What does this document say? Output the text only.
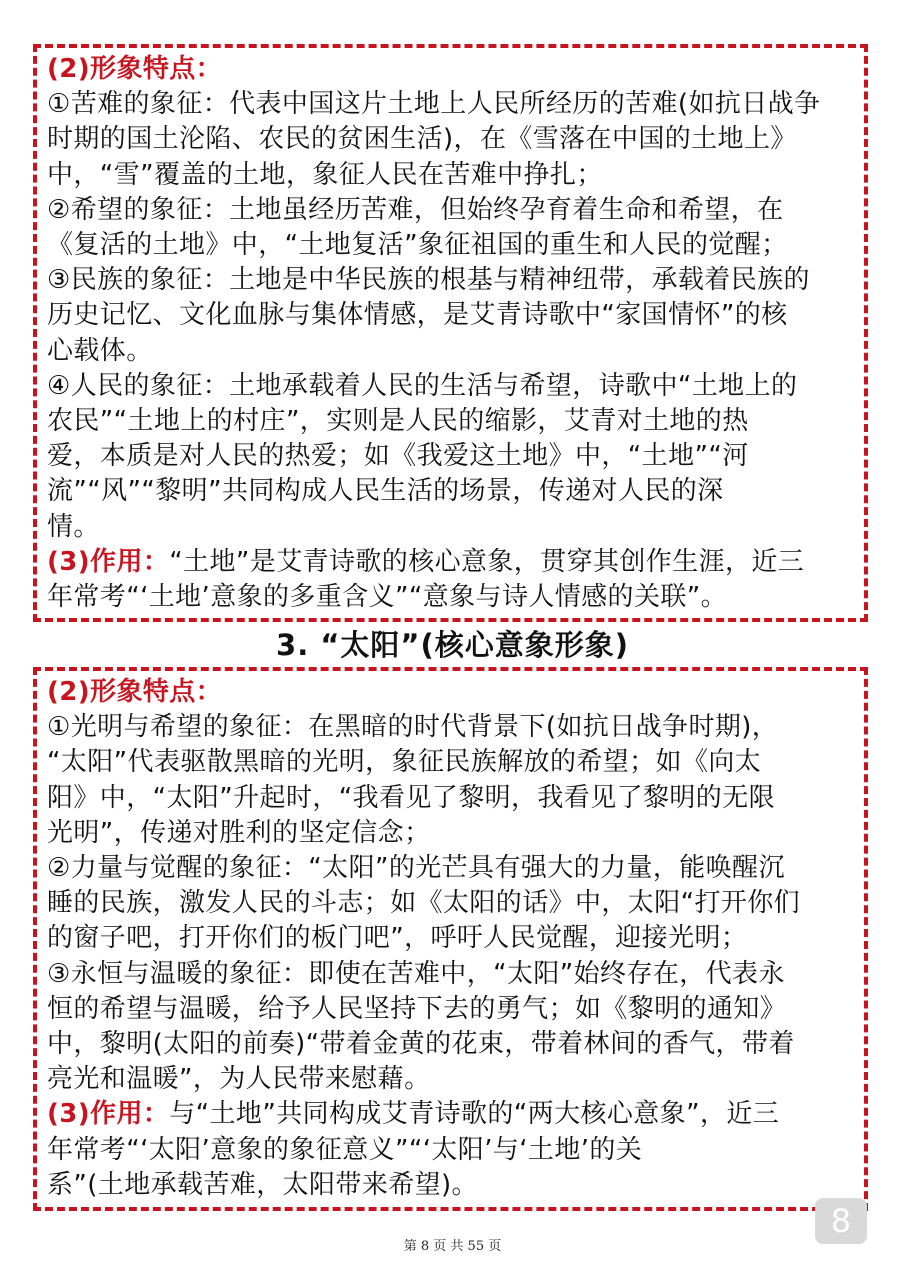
(2)形象特点：
①苦难的象征：代表中国这片土地上人民所经历的苦难(如抗日战争
时期的国土沦陷、农民的贫困生活)，在《雪落在中国的土地上》
中，“雪”覆盖的土地，象征人民在苦难中挣扎；
②希望的象征：土地虽经历苦难，但始终孕育着生命和希望，在
《复活的土地》中，“土地复活”象征祖国的重生和人民的觉醒；
③民族的象征：土地是中华民族的根基与精神纽带，承载着民族的
历史记忆、文化血脉与集体情感，是艾青诗歌中“家国情怀”的核
心载体。
④人民的象征：土地承载着人民的生活与希望，诗歌中“土地上的
农民”“土地上的村庄”，实则是人民的缩影，艾青对土地的热
爱，本质是对人民的热爱；如《我爱这土地》中，“土地”“河
流”“风”“黎明”共同构成人民生活的场景，传递对人民的深
情。
(3)作用：“土地”是艾青诗歌的核心意象，贯穿其创作生涯，近三
年常考“‘土地’意象的多重含义”“意象与诗人情感的关联”。
3. “太阳”(核心意象形象)
(2)形象特点：
①光明与希望的象征：在黑暗的时代背景下(如抗日战争时期)，
“太阳”代表驱散黑暗的光明，象征民族解放的希望；如《向太
阳》中，“太阳”升起时，“我看见了黎明，我看见了黎明的无限
光明”，传递对胜利的坚定信念；
②力量与觉醒的象征：“太阳”的光芒具有强大的力量，能唤醒沉
睡的民族，激发人民的斗志；如《太阳的话》中，太阳“打开你们
的窗子吧，打开你们的板门吧”，呼吁人民觉醒，迎接光明；
③永恒与温暖的象征：即使在苦难中，“太阳”始终存在，代表永
恒的希望与温暖，给予人民坚持下去的勇气；如《黎明的通知》
中，黎明(太阳的前奏)“带着金黄的花束，带着林间的香气，带着
亮光和温暖”，为人民带来慰藉。
(3)作用：与“土地”共同构成艾青诗歌的“两大核心意象”，近三
年常考“‘太阳’意象的象征意义”“‘太阳’与‘土地’的关
系”(土地承载苦难，太阳带来希望)。
8
第 8 页 共 55 页
